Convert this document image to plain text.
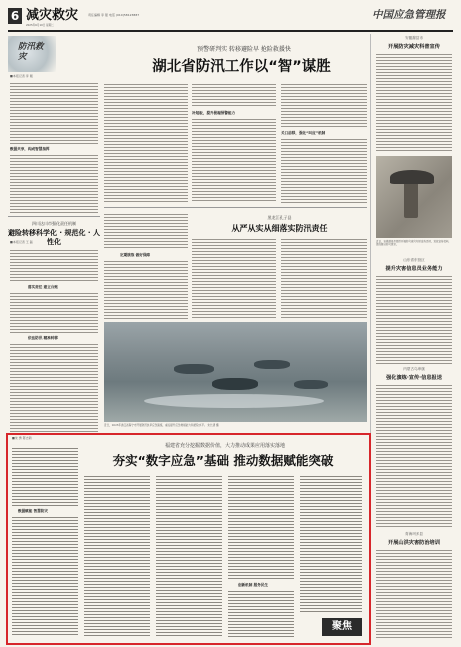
6 减灾救灾	责任编辑 李 强 电话 (010)58123887	中国应急管理报
2025年6月10日 星期二
防汛救灾
■本报记者 李 刚
数据共享，构成智慧指挥
预警研判实 转移避险早 抢险救援快
湖北省防汛工作以“智”谋胜
补短板，提升极端预警能力
关口前移，强化“叫应”机制
四川达川市强化责任机制
避险转移科学化 · 规范化 · 人性化
■本报记者 王 磊
落实责任 建立台账
依法防汛 精准转移
定期演练 做好保障
黑龙江孔子县
从严从实从细落实防汛责任
近日，2025年浙江省海宁市开展防汛抗旱应急演练，重点提升应急救援能力和抢险水平。 朱长清 摄
安徽滁县市
开展防灾减灾科普宣传
近日，安徽滁县市组织开展防灾减灾知识宣传活动，发放宣传资料，提高群众防灾意识。
山东省东营区
提升灾害信息员业务能力
内蒙古乌审旗
强化演练·宣传·信息报送
青海玛多县
开展山洪灾害防治培训
■朱 勇 陈志新
福建省充分挖掘数据价值，大力推动成果应用落实落地
夯实“数字应急”基础 推动数据赋能突破
数据赋能 智慧防灾
创新机制 服务民生
聚焦
